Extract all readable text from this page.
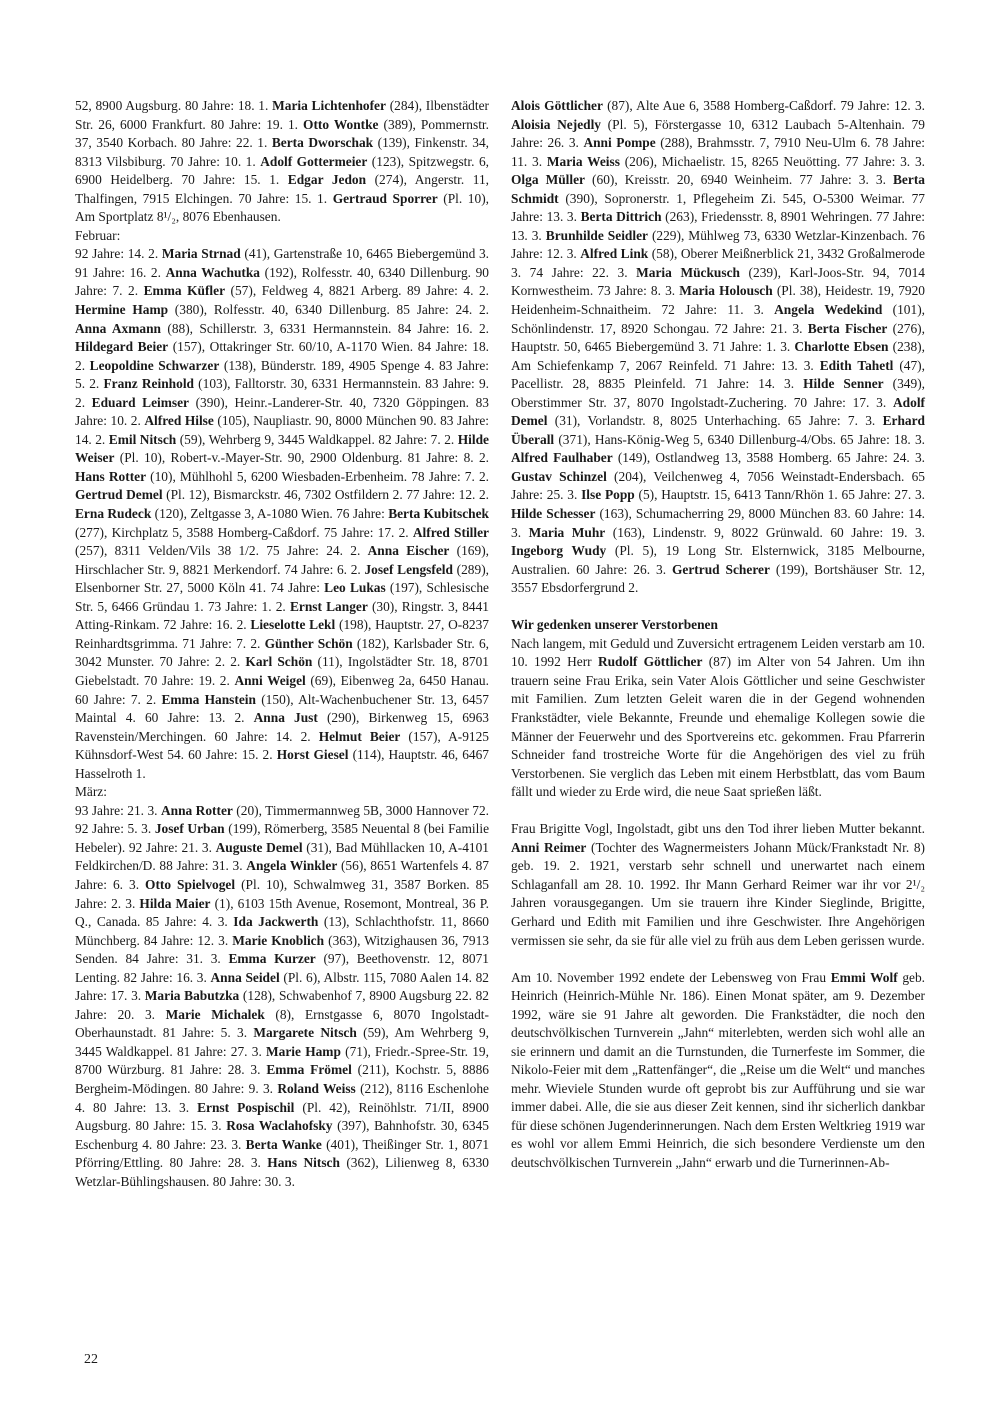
52, 8900 Augsburg. 80 Jahre: 18. 1. Maria Lichtenhofer (284), Ilbenstädter Str. 26, 6000 Frankfurt. 80 Jahre: 19. 1. Otto Wontke (389), Pommernstr. 37, 3540 Korbach. 80 Jahre: 22. 1. Berta Dworschak (139), Finkenstr. 34, 8313 Vilsbiburg. 70 Jahre: 10. 1. Adolf Gottermeier (123), Spitzwegstr. 6, 6900 Heidelberg. 70 Jahre: 15. 1. Edgar Jedon (274), Angerstr. 11, Thalfingen, 7915 Elchingen. 70 Jahre: 15. 1. Gertraud Sporrer (Pl. 10), Am Sportplatz 8¹/₂, 8076 Ebenhausen.

Februar:

92 Jahre: 14. 2. Maria Strnad (41), Gartenstraße 10, 6465 Biebergemünd 3. 91 Jahre: 16. 2. Anna Wachutka (192), Rolfesstr. 40, 6340 Dillenburg. 90 Jahre: 7. 2. Emma Küfler (57), Feldweg 4, 8821 Arberg. 89 Jahre: 4. 2. Hermine Hamp (380), Rolfesstr. 40, 6340 Dillenburg. 85 Jahre: 24. 2. Anna Axmann (88), Schillerstr. 3, 6331 Hermannstein. 84 Jahre: 16. 2. Hildegard Beier (157), Ottakringer Str. 60/10, A-1170 Wien. 84 Jahre: 18. 2. Leopoldine Schwarzer (138), Bünderstr. 189, 4905 Spenge 4. 83 Jahre: 5. 2. Franz Reinhold (103), Falltorstr. 30, 6331 Hermannstein. 83 Jahre: 9. 2. Eduard Leimser (390), Heinr.-Landerer-Str. 40, 7320 Göppingen. 83 Jahre: 10. 2. Alfred Hilse (105), Naupliastr. 90, 8000 München 90. 83 Jahre: 14. 2. Emil Nitsch (59), Wehrberg 9, 3445 Waldkappel. 82 Jahre: 7. 2. Hilde Weiser (Pl. 10), Robert-v.-Mayer-Str. 90, 2900 Oldenburg. 81 Jahre: 8. 2. Hans Rotter (10), Mühlhohl 5, 6200 Wiesbaden-Erbenheim. 78 Jahre: 7. 2. Gertrud Demel (Pl. 12), Bismarckstr. 46, 7302 Ostfildern 2. 77 Jahre: 12. 2. Erna Rudeck (120), Zeltgasse 3, A-1080 Wien. 76 Jahre: Berta Kubitschek (277), Kirchplatz 5, 3588 Homberg-Caßdorf. 75 Jahre: 17. 2. Alfred Stiller (257), 8311 Velden/Vils 38 1/2. 75 Jahre: 24. 2. Anna Eischer (169), Hirschlacher Str. 9, 8821 Merkendorf. 74 Jahre: 6. 2. Josef Lengsfeld (289), Elsenborner Str. 27, 5000 Köln 41. 74 Jahre: Leo Lukas (197), Schlesische Str. 5, 6466 Gründau 1. 73 Jahre: 1. 2. Ernst Langer (30), Ringstr. 3, 8441 Atting-Rinkam. 72 Jahre: 16. 2. Lieselotte Lekl (198), Hauptstr. 27, O-8237 Reinhardtsgrimma. 71 Jahre: 7. 2. Günther Schön (182), Karlsbader Str. 6, 3042 Munster. 70 Jahre: 2. 2. Karl Schön (11), Ingolstädter Str. 18, 8701 Giebelstadt. 70 Jahre: 19. 2. Anni Weigel (69), Eibenweg 2a, 6450 Hanau. 60 Jahre: 7. 2. Emma Hanstein (150), Alt-Wachenbuchener Str. 13, 6457 Maintal 4. 60 Jahre: 13. 2. Anna Just (290), Birkenweg 15, 6963 Ravenstein/Merchingen. 60 Jahre: 14. 2. Helmut Beier (157), A-9125 Kühnsdorf-West 54. 60 Jahre: 15. 2. Horst Giesel (114), Hauptstr. 46, 6467 Hasselroth 1.

März:

93 Jahre: 21. 3. Anna Rotter (20), Timmermannweg 5B, 3000 Hannover 72. 92 Jahre: 5. 3. Josef Urban (199), Römerberg, 3585 Neuental 8 (bei Familie Hebeler). 92 Jahre: 21. 3. Auguste Demel (31), Bad Mühllacken 10, A-4101 Feldkirchen/D. 88 Jahre: 31. 3. Angela Winkler (56), 8651 Wartenfels 4. 87 Jahre: 6. 3. Otto Spielvogel (Pl. 10), Schwalmweg 31, 3587 Borken. 85 Jahre: 2. 3. Hilda Maier (1), 6103 15th Avenue, Rosemont, Montreal, 36 P. Q., Canada. 85 Jahre: 4. 3. Ida Jackwerth (13), Schlachthofstr. 11, 8660 Münchberg. 84 Jahre: 12. 3. Marie Knoblich (363), Witzighausen 36, 7913 Senden. 84 Jahre: 31. 3. Emma Kurzer (97), Beethovenstr. 12, 8071 Lenting. 82 Jahre: 16. 3. Anna Seidel (Pl. 6), Albstr. 115, 7080 Aalen 14. 82 Jahre: 17. 3. Maria Babutzka (128), Schwabenhof 7, 8900 Augsburg 22. 82 Jahre: 20. 3. Marie Michalek (8), Ernstgasse 6, 8070 Ingolstadt-Oberhaunstadt. 81 Jahre: 5. 3. Margarete Nitsch (59), Am Wehrberg 9, 3445 Waldkappel. 81 Jahre: 27. 3. Marie Hamp (71), Friedr.-Spree-Str. 19, 8700 Würzburg. 81 Jahre: 28. 3. Emma Frömel (211), Kochstr. 5, 8886 Bergheim-Mödingen. 80 Jahre: 9. 3. Roland Weiss (212), 8116 Eschenlohe 4. 80 Jahre: 13. 3. Ernst Pospischil (Pl. 42), Reinöhlstr. 71/II, 8900 Augsburg. 80 Jahre: 15. 3. Rosa Waclahofsky (397), Bahnhofstr. 30, 6345 Eschenburg 4. 80 Jahre: 23. 3. Berta Wanke (401), Theißinger Str. 1, 8071 Pförring/Ettling. 80 Jahre: 28. 3. Hans Nitsch (362), Lilienweg 8, 6330 Wetzlar-Bühlingshausen. 80 Jahre: 30. 3.

Alois Göttlicher (87), Alte Aue 6, 3588 Homberg-Caßdorf. 79 Jahre: 12. 3. Aloisia Nejedly (Pl. 5), Förstergasse 10, 6312 Laubach 5-Altenhain. 79 Jahre: 26. 3. Anni Pompe (288), Brahmsstr. 7, 7910 Neu-Ulm 6. 78 Jahre: 11. 3. Maria Weiss (206), Michaelistr. 15, 8265 Neuötting. 77 Jahre: 3. 3. Olga Müller (60), Kreisstr. 20, 6940 Weinheim. 77 Jahre: 3. 3. Berta Schmidt (390), Sopronerstr. 1, Pflegeheim Zi. 545, O-5300 Weimar. 77 Jahre: 13. 3. Berta Dittrich (263), Friedensstr. 8, 8901 Wehringen. 77 Jahre: 13. 3. Brunhilde Seidler (229), Mühlweg 73, 6330 Wetzlar-Kinzenbach. 76 Jahre: 12. 3. Alfred Link (58), Oberer Meißnerblick 21, 3432 Großalmerode 3. 74 Jahre: 22. 3. Maria Mückusch (239), Karl-Joos-Str. 94, 7014 Kornwestheim. 73 Jahre: 8. 3. Maria Holousch (Pl. 38), Heidestr. 19, 7920 Heidenheim-Schnaitheim. 72 Jahre: 11. 3. Angela Wedekind (101), Schönlindenstr. 17, 8920 Schongau. 72 Jahre: 21. 3. Berta Fischer (276), Hauptstr. 50, 6465 Biebergemünd 3. 71 Jahre: 1. 3. Charlotte Ebsen (238), Am Schiefenkamp 7, 2067 Reinfeld. 71 Jahre: 13. 3. Edith Tahetl (47), Pacellistr. 28, 8835 Pleinfeld. 71 Jahre: 14. 3. Hilde Senner (349), Oberstimmer Str. 37, 8070 Ingolstadt-Zuchering. 70 Jahre: 17. 3. Adolf Demel (31), Vorlandstr. 8, 8025 Unterhaching. 65 Jahre: 7. 3. Erhard Überall (371), Hans-König-Weg 5, 6340 Dillenburg-4/Obs. 65 Jahre: 18. 3. Alfred Faulhaber (149), Ostlandweg 13, 3588 Homberg. 65 Jahre: 24. 3. Gustav Schinzel (204), Veilchenweg 4, 7056 Weinstadt-Endersbach. 65 Jahre: 25. 3. Ilse Popp (5), Hauptstr. 15, 6413 Tann/Rhön 1. 65 Jahre: 27. 3. Hilde Schesser (163), Schumacherring 29, 8000 München 83. 60 Jahre: 14. 3. Maria Muhr (163), Lindenstr. 9, 8022 Grünwald. 60 Jahre: 19. 3. Ingeborg Wudy (Pl. 5), 19 Long Str. Elsternwick, 3185 Melbourne, Australien. 60 Jahre: 26. 3. Gertrud Scherer (199), Bortshäuser Str. 12, 3557 Ebsdorfergrund 2.

Wir gedenken unserer Verstorbenen

Nach langem, mit Geduld und Zuversicht ertragenem Leiden verstarb am 10. 10. 1992 Herr Rudolf Göttlicher (87) im Alter von 54 Jahren. Um ihn trauern seine Frau Erika, sein Vater Alois Göttlicher und seine Geschwister mit Familien. Zum letzten Geleit waren die in der Gegend wohnenden Frankstädter, viele Bekannte, Freunde und ehemalige Kollegen sowie die Männer der Feuerwehr und des Sportvereins etc. gekommen. Frau Pfarrerin Schneider fand trostreiche Worte für die Angehörigen des viel zu früh Verstorbenen. Sie verglich das Leben mit einem Herbstblatt, das vom Baum fällt und wieder zu Erde wird, die neue Saat sprießen läßt.

Frau Brigitte Vogl, Ingolstadt, gibt uns den Tod ihrer lieben Mutter bekannt. Anni Reimer (Tochter des Wagnermeisters Johann Mück/Frankstadt Nr. 8) geb. 19. 2. 1921, verstarb sehr schnell und unerwartet nach einem Schlaganfall am 28. 10. 1992. Ihr Mann Gerhard Reimer war ihr vor 2¹/₂ Jahren vorausgegangen. Um sie trauern ihre Kinder Sieglinde, Brigitte, Gerhard und Edith mit Familien und ihre Geschwister. Ihre Angehörigen vermissen sie sehr, da sie für alle viel zu früh aus dem Leben gerissen wurde.

Am 10. November 1992 endete der Lebensweg von Frau Emmi Wolf geb. Heinrich (Heinrich-Mühle Nr. 186). Einen Monat später, am 9. Dezember 1992, wäre sie 91 Jahre alt geworden. Die Frankstädter, die noch den deutschvölkischen Turnverein „Jahn“ miterlebten, werden sich wohl alle an sie erinnern und damit an die Turnstunden, die Turnerfeste im Sommer, die Nikolo-Feier mit dem „Rattenfänger“, die „Reise um die Welt“ und manches mehr. Wieviele Stunden wurde oft geprobt bis zur Aufführung und sie war immer dabei. Alle, die sie aus dieser Zeit kennen, sind ihr sicherlich dankbar für diese schönen Jugenderinnerungen. Nach dem Ersten Weltkrieg 1919 war es wohl vor allem Emmi Heinrich, die sich besondere Verdienste um den deutschvölkischen Turnverein „Jahn“ erwarb und die Turnerinnen-Ab-

22
